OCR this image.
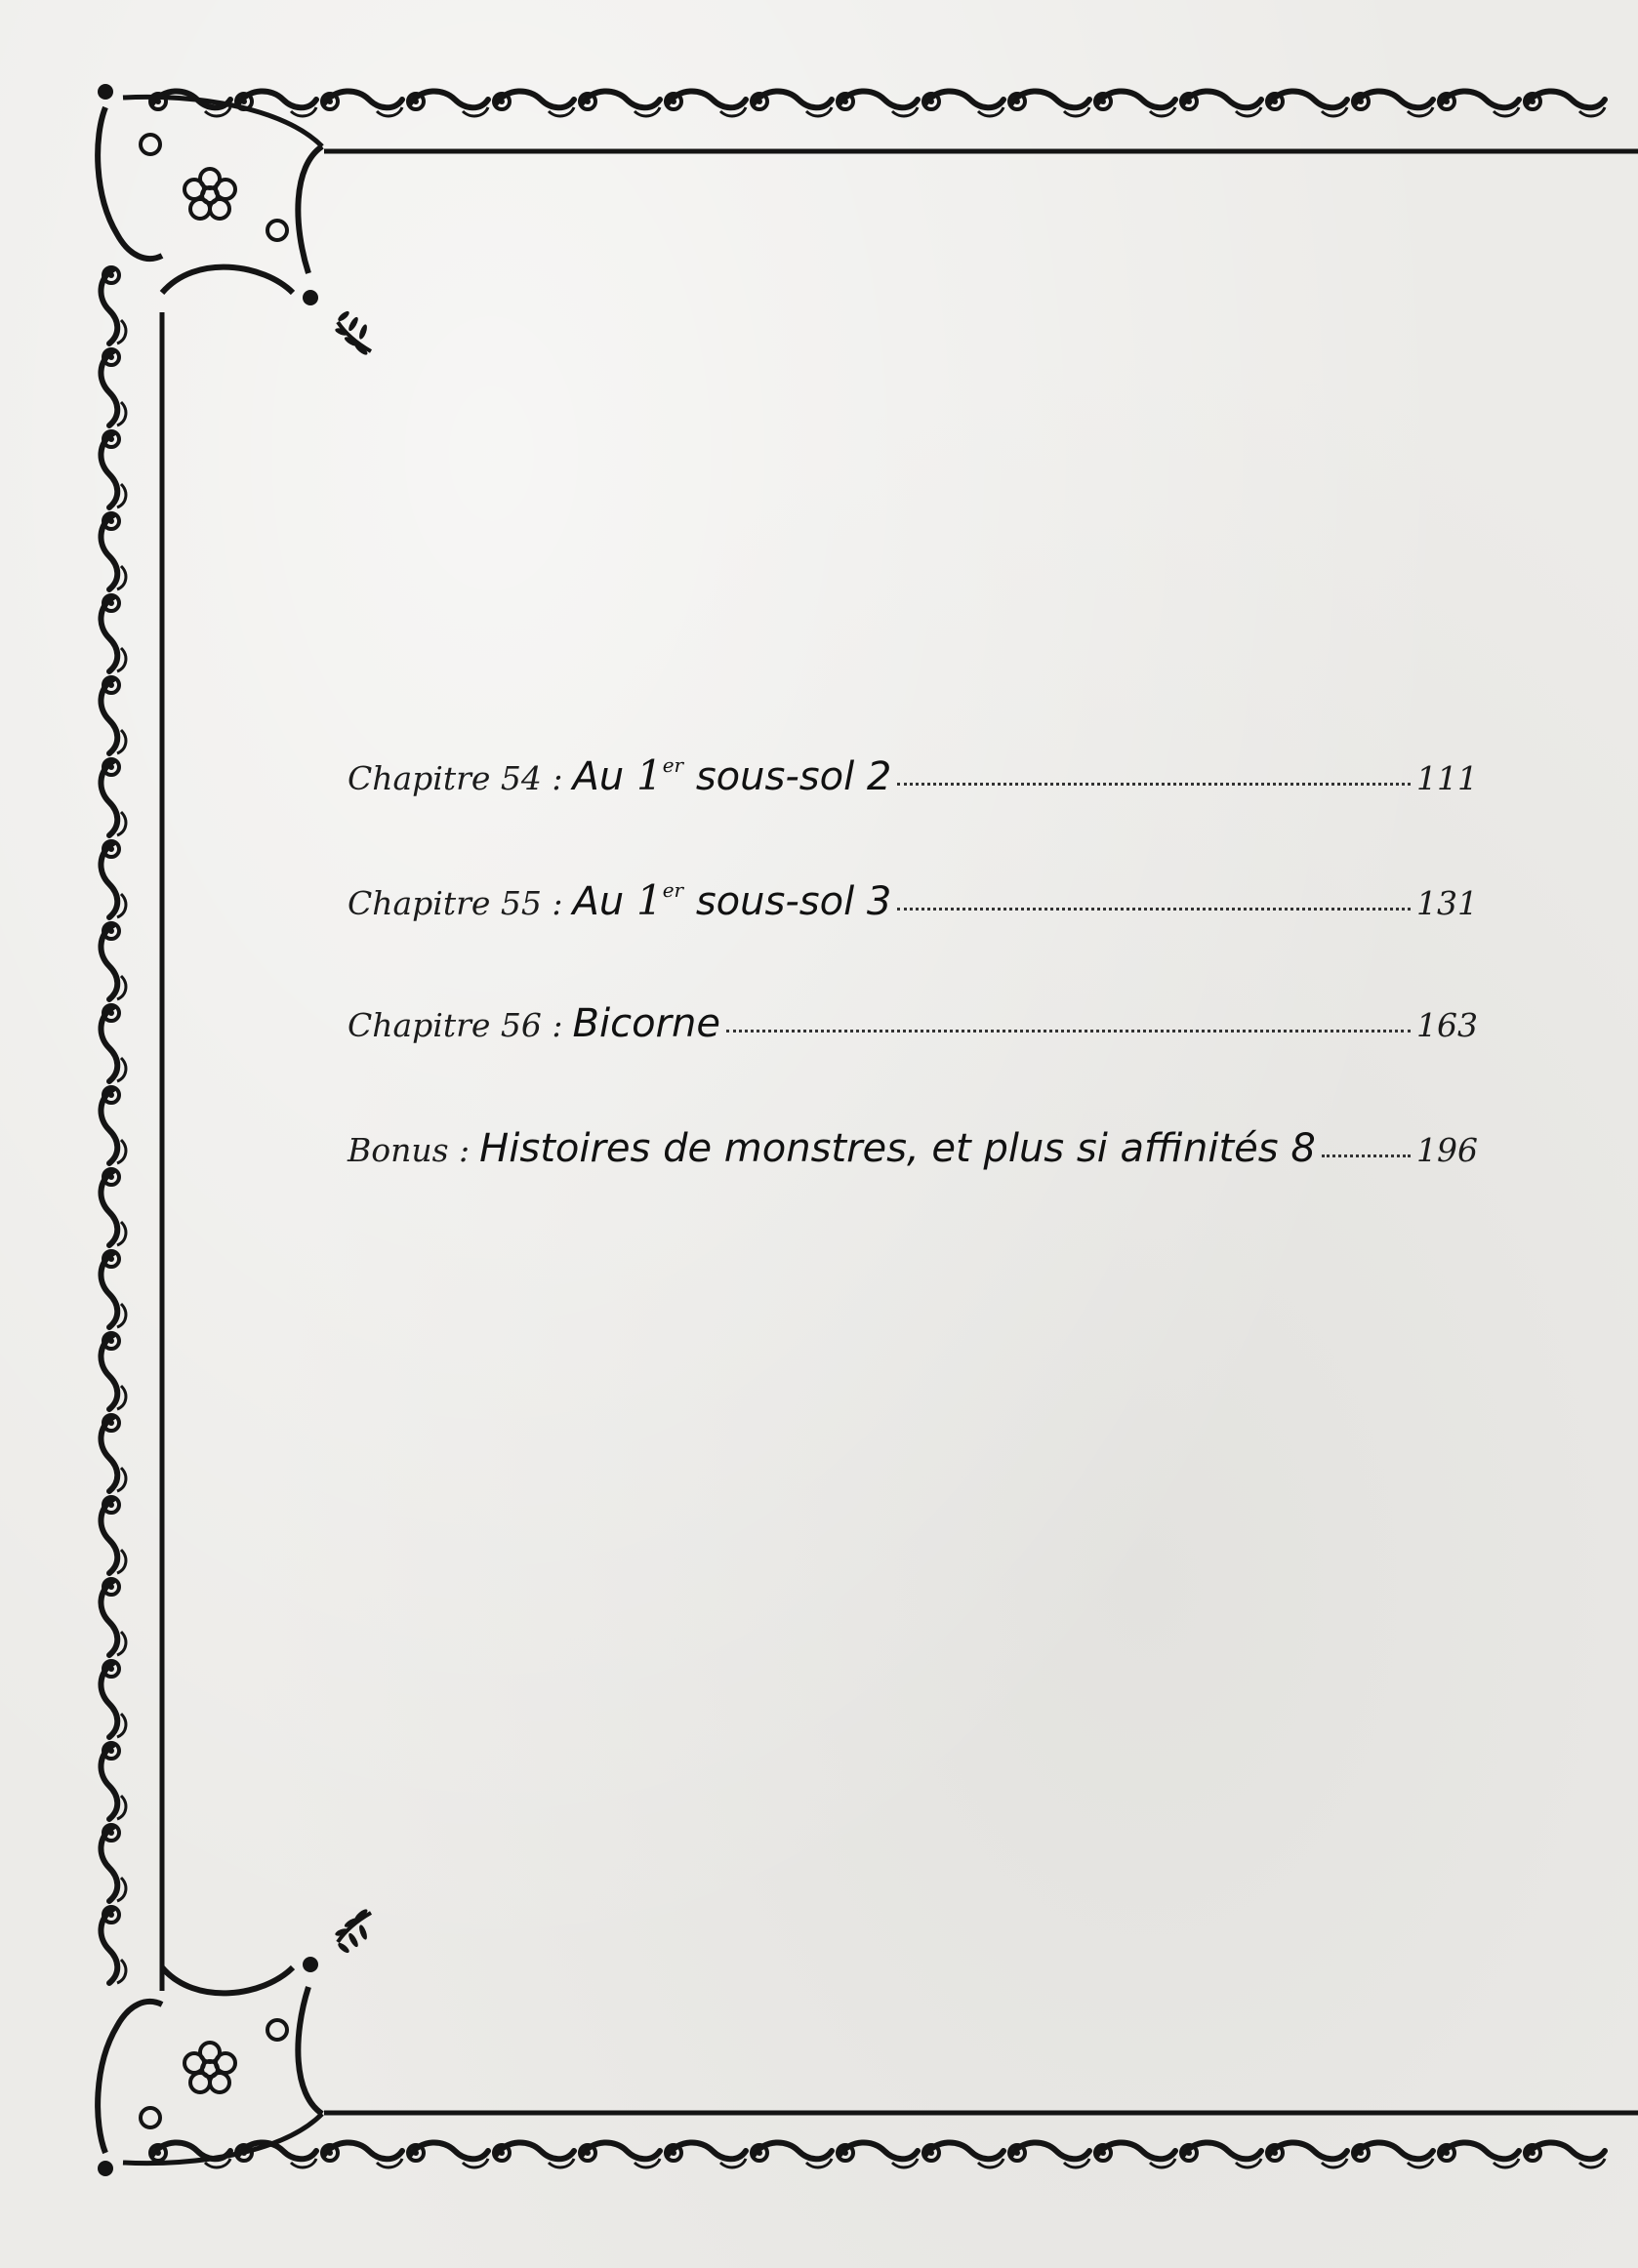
Chapitre 54 : Au 1er sous-sol 2	111
Chapitre 55 : Au 1er sous-sol 3	131
Chapitre 56 : Bicorne	163
Bonus : Histoires de monstres, et plus si affinités 8	196
